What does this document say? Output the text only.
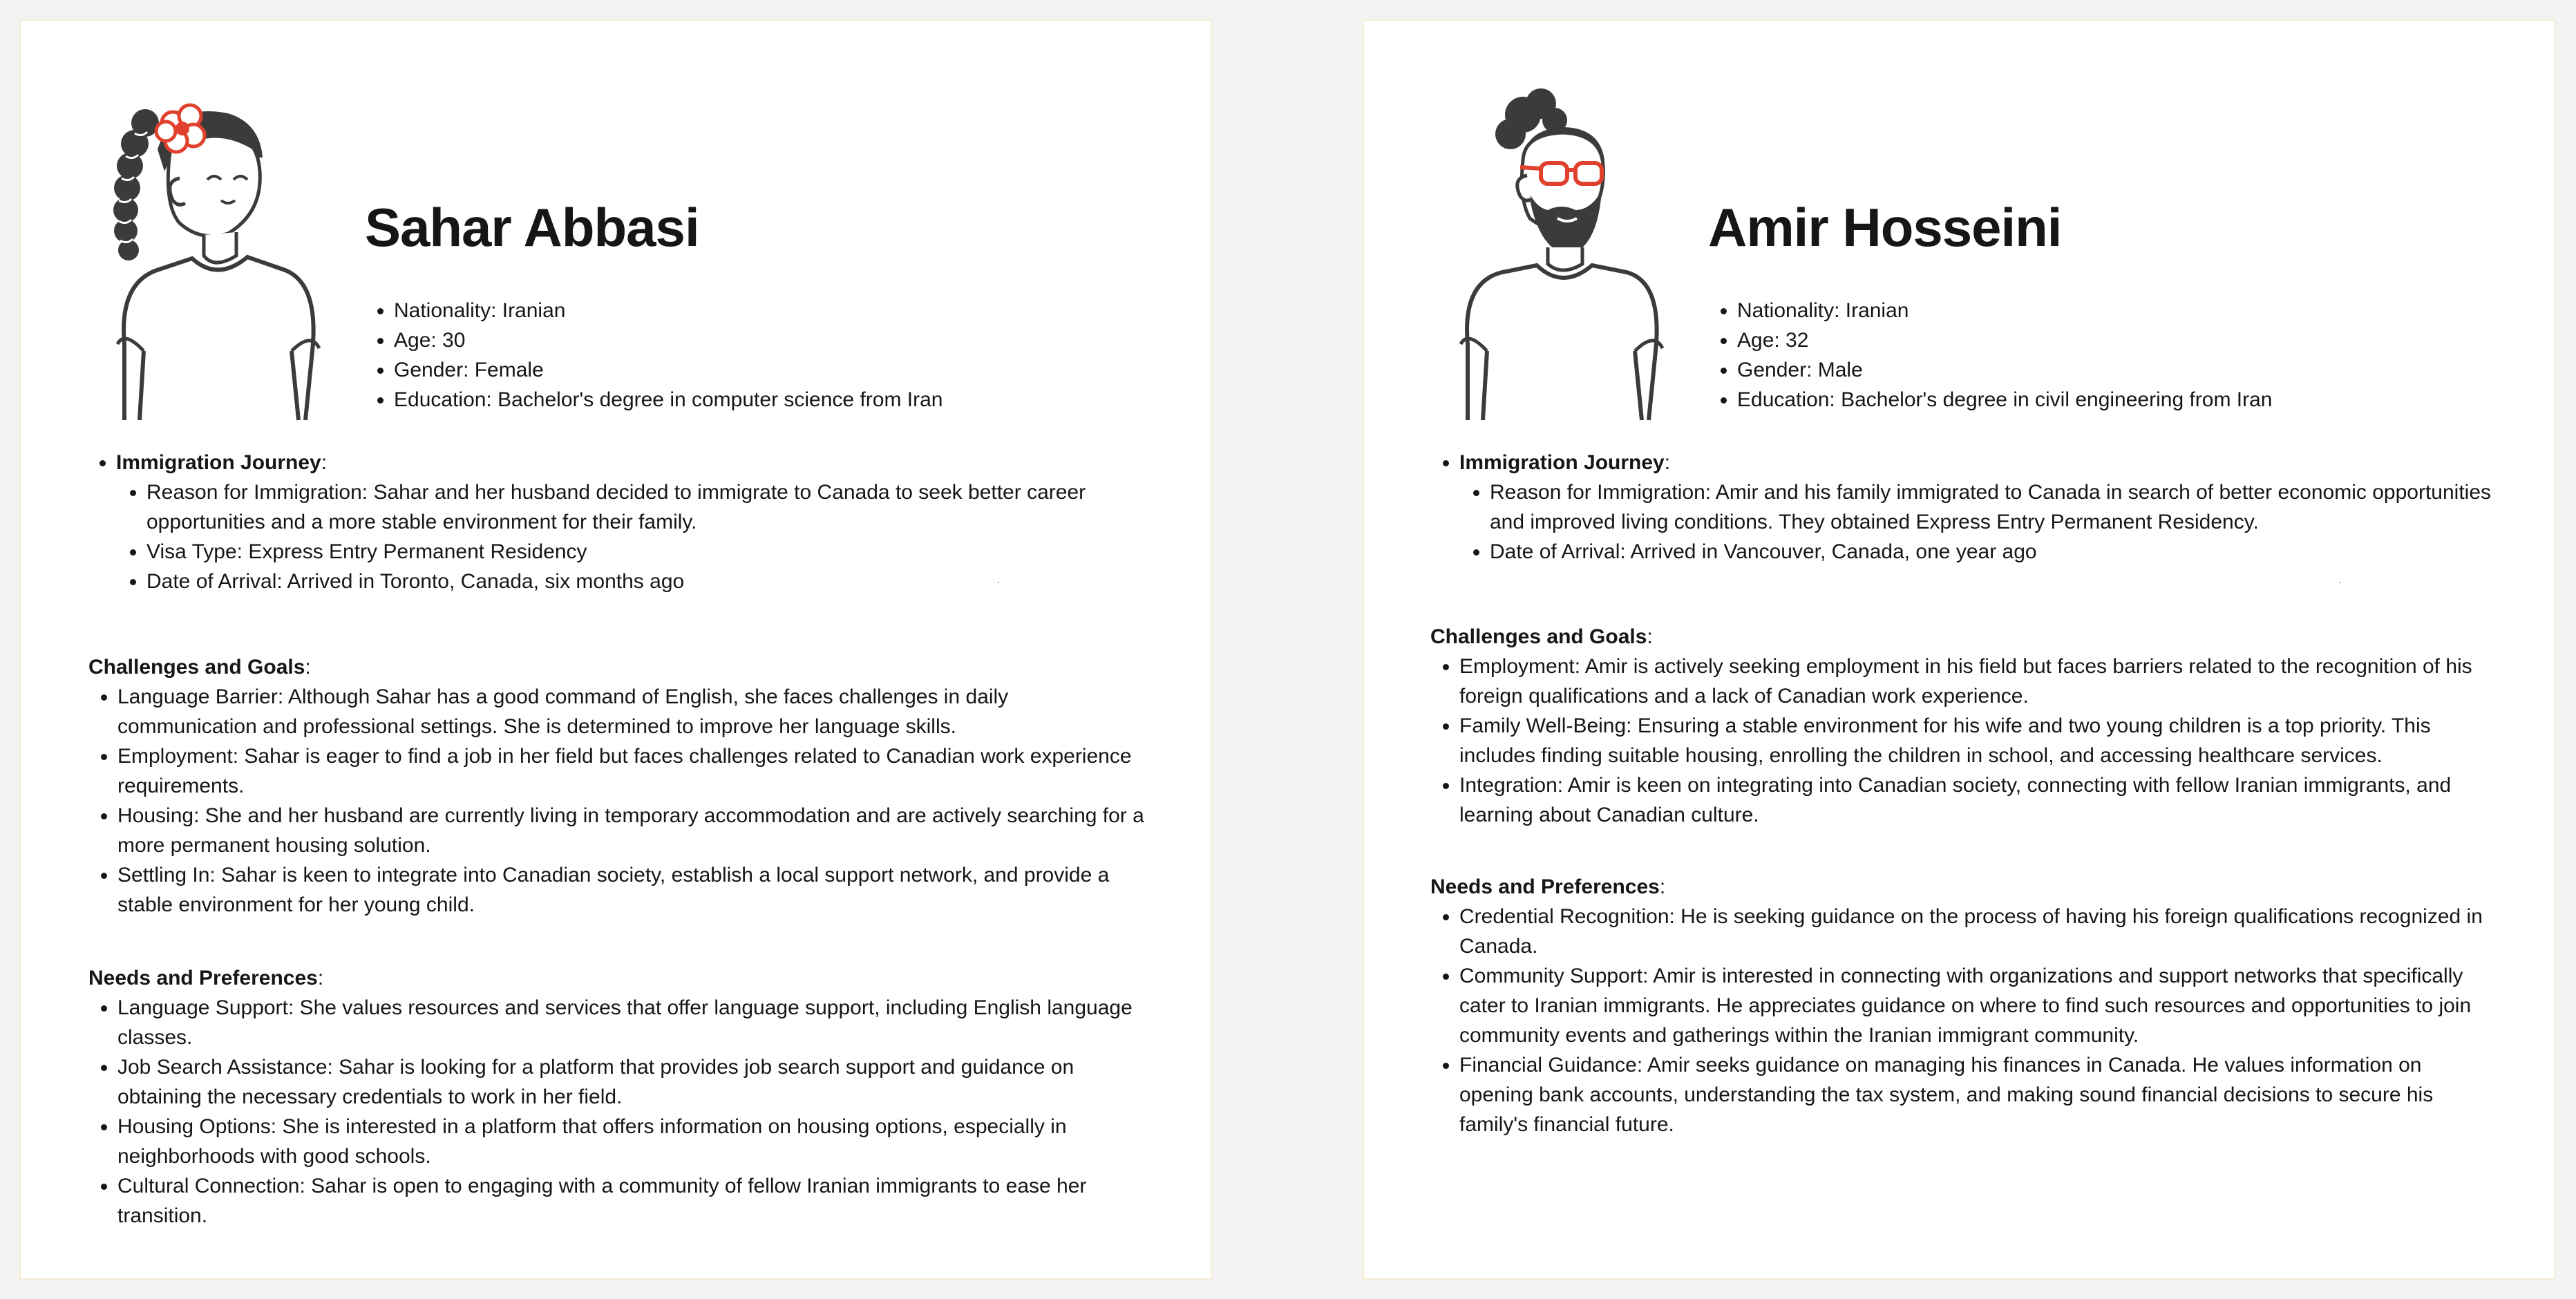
Sahar Abbasi
• Nationality: Iranian
• Age: 30
• Gender: Female
• Education: Bachelor's degree in computer science from Iran
• Immigration Journey:
• Reason for Immigration: Sahar and her husband decided to immigrate to Canada to seek better career opportunities and a more stable environment for their family.
• Visa Type: Express Entry Permanent Residency
• Date of Arrival: Arrived in Toronto, Canada, six months ago
Challenges and Goals:
• Language Barrier: Although Sahar has a good command of English, she faces challenges in daily communication and professional settings. She is determined to improve her language skills.
• Employment: Sahar is eager to find a job in her field but faces challenges related to Canadian work experience requirements.
• Housing: She and her husband are currently living in temporary accommodation and are actively searching for a more permanent housing solution.
• Settling In: Sahar is keen to integrate into Canadian society, establish a local support network, and provide a stable environment for her young child.
Needs and Preferences:
• Language Support: She values resources and services that offer language support, including English language classes.
• Job Search Assistance: Sahar is looking for a platform that provides job search support and guidance on obtaining the necessary credentials to work in her field.
• Housing Options: She is interested in a platform that offers information on housing options, especially in neighborhoods with good schools.
• Cultural Connection: Sahar is open to engaging with a community of fellow Iranian immigrants to ease her transition.
Amir Hosseini
• Nationality: Iranian
• Age: 32
• Gender: Male
• Education: Bachelor's degree in civil engineering from Iran
• Immigration Journey:
• Reason for Immigration: Amir and his family immigrated to Canada in search of better economic opportunities and improved living conditions. They obtained Express Entry Permanent Residency.
• Date of Arrival: Arrived in Vancouver, Canada, one year ago
Challenges and Goals:
• Employment: Amir is actively seeking employment in his field but faces barriers related to the recognition of his foreign qualifications and a lack of Canadian work experience.
• Family Well-Being: Ensuring a stable environment for his wife and two young children is a top priority. This includes finding suitable housing, enrolling the children in school, and accessing healthcare services.
• Integration: Amir is keen on integrating into Canadian society, connecting with fellow Iranian immigrants, and learning about Canadian culture.
Needs and Preferences:
• Credential Recognition: He is seeking guidance on the process of having his foreign qualifications recognized in Canada.
• Community Support: Amir is interested in connecting with organizations and support networks that specifically cater to Iranian immigrants. He appreciates guidance on where to find such resources and opportunities to join community events and gatherings within the Iranian immigrant community.
• Financial Guidance: Amir seeks guidance on managing his finances in Canada. He values information on opening bank accounts, understanding the tax system, and making sound financial decisions to secure his family's financial future.
